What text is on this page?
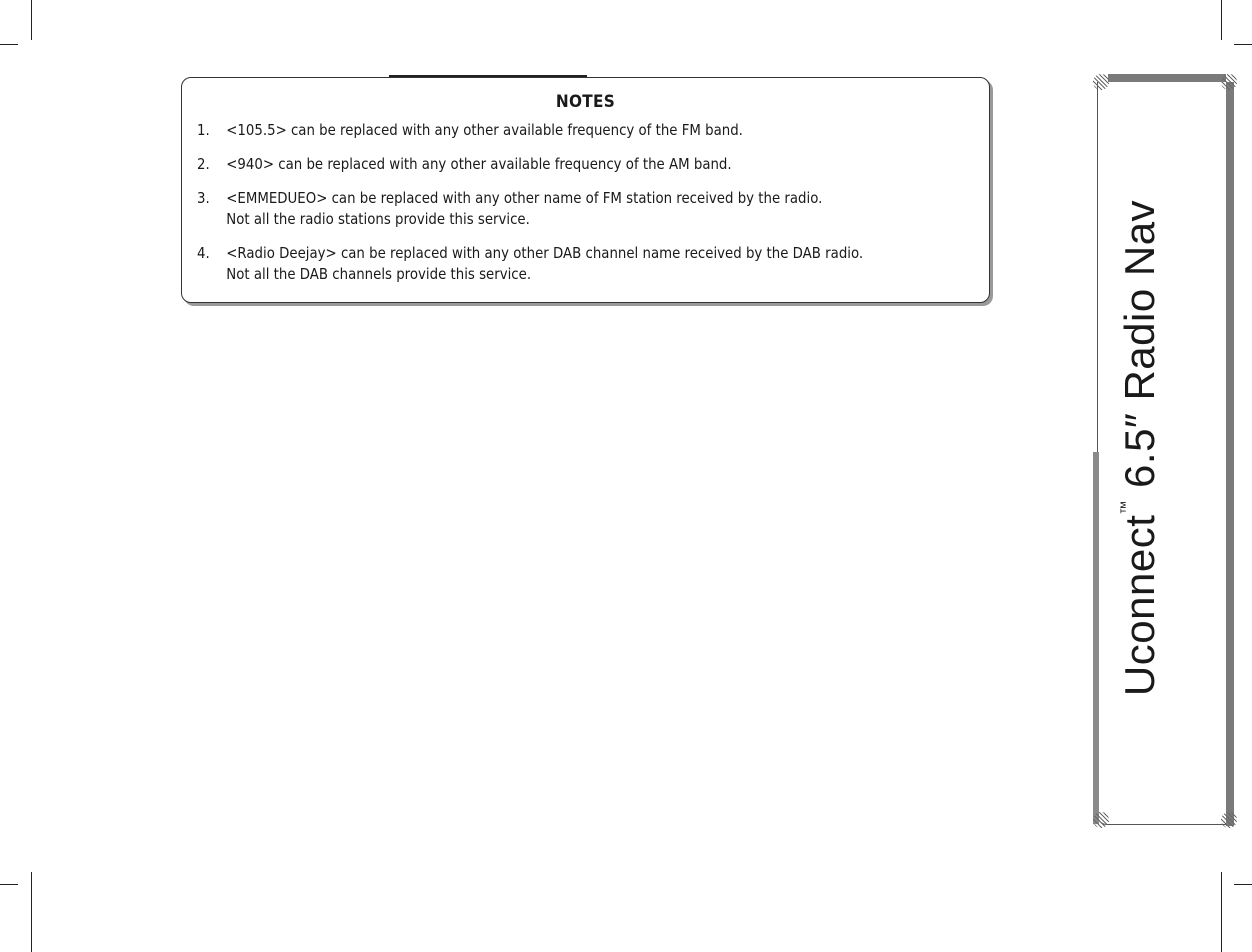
NOTES
1.	<105.5> can be replaced with any other available frequency of the FM band.
2.	<940> can be replaced with any other available frequency of the AM band.
3.	<EMMEDUEO> can be replaced with any other name of FM station received by the radio.
Not all the radio stations provide this service.
4.	<Radio Deejay> can be replaced with any other DAB channel name received by the DAB radio.
Not all the DAB channels provide this service.
Uconnect™ 6.5″ Radio Nav
